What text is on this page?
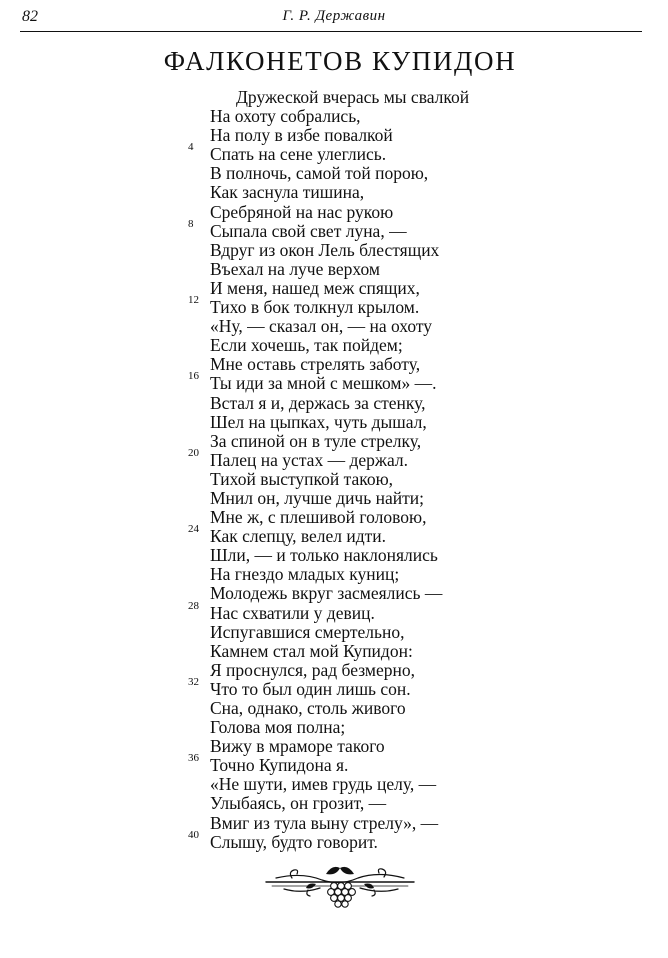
82	Г. Р. Державин
ФАЛКОНЕТОВ КУПИДОН
Дружеской вчерась мы свалкой
На охоту собрались,
На полу в избе повалкой
4 Спать на сене улеглись.
В полночь, самой той порою,
Как заснула тишина,
Сребряной на нас рукою
8 Сыпала свой свет луна, —
Вдруг из окон Лель блестящих
Въехал на луче верхом
И меня, нашед меж спящих,
12 Тихо в бок толкнул крылом.
«Ну, — сказал он, — на охоту
Если хочешь, так пойдем;
Мне оставь стрелять заботу,
16 Ты иди за мной с мешком» —.
Встал я и, держась за стенку,
Шел на цыпках, чуть дышал,
За спиной он в туле стрелку,
20 Палец на устах — держал.
Тихой выступкой такою,
Мнил он, лучше дичь найти;
Мне ж, с плешивой головою,
24 Как слепцу, велел идти.
Шли, — и только наклонялись
На гнездо младых куниц;
Молодежь вкруг засмеялись —
28 Нас схватили у девиц.
Испугавшися смертельно,
Камнем стал мой Купидон:
Я проснулся, рад безмерно,
32 Что то был один лишь сон.
Сна, однако, столь живого
Голова моя полна;
Вижу в мраморе такого
36 Точно Купидона я.
«Не шути, имев грудь целу, —
Улыбаясь, он грозит, —
Вмиг из тула выну стрелу», —
40 Слышу, будто говорит.
